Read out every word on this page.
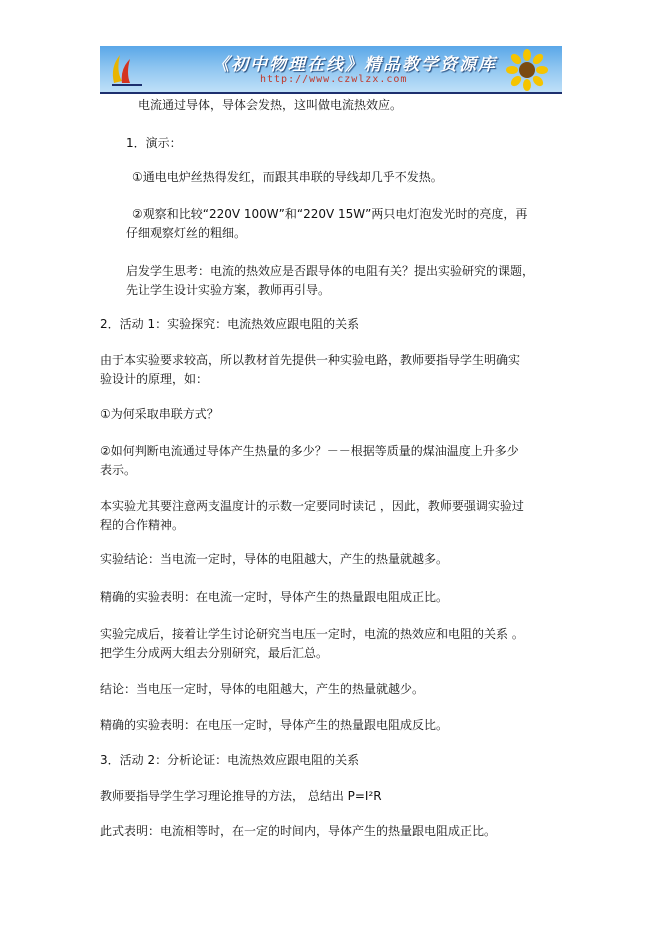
《初中物理在线》精品教学资源库
http://www.czwlzx.com
电流通过导体，导体会发热，这叫做电流热效应。
1．演示：
①通电电炉丝热得发红，而跟其串联的导线却几乎不发热。
②观察和比较“220V 100W”和“220V 15W”两只电灯泡发光时的亮度，再
仔细观察灯丝的粗细。
启发学生思考：电流的热效应是否跟导体的电阻有关？提出实验研究的课题，
先让学生设计实验方案，教师再引导。
2．活动 1：实验探究：电流热效应跟电阻的关系
由于本实验要求较高，所以教材首先提供一种实验电路，教师要指导学生明确实
验设计的原理，如：
①为何采取串联方式？
②如何判断电流通过导体产生热量的多少？－－根据等质量的煤油温度上升多少
表示。
本实验尤其要注意两支温度计的示数一定要同时读记 ，因此，教师要强调实验过
程的合作精神。
实验结论：当电流一定时，导体的电阻越大，产生的热量就越多。
精确的实验表明：在电流一定时，导体产生的热量跟电阻成正比。
实验完成后，接着让学生讨论研究当电压一定时，电流的热效应和电阻的关系 。
把学生分成两大组去分别研究，最后汇总。
结论：当电压一定时，导体的电阻越大，产生的热量就越少。
精确的实验表明：在电压一定时，导体产生的热量跟电阻成反比。
3．活动 2：分析论证：电流热效应跟电阻的关系
教师要指导学生学习理论推导的方法， 总结出 P=I²R
此式表明：电流相等时，在一定的时间内，导体产生的热量跟电阻成正比。
